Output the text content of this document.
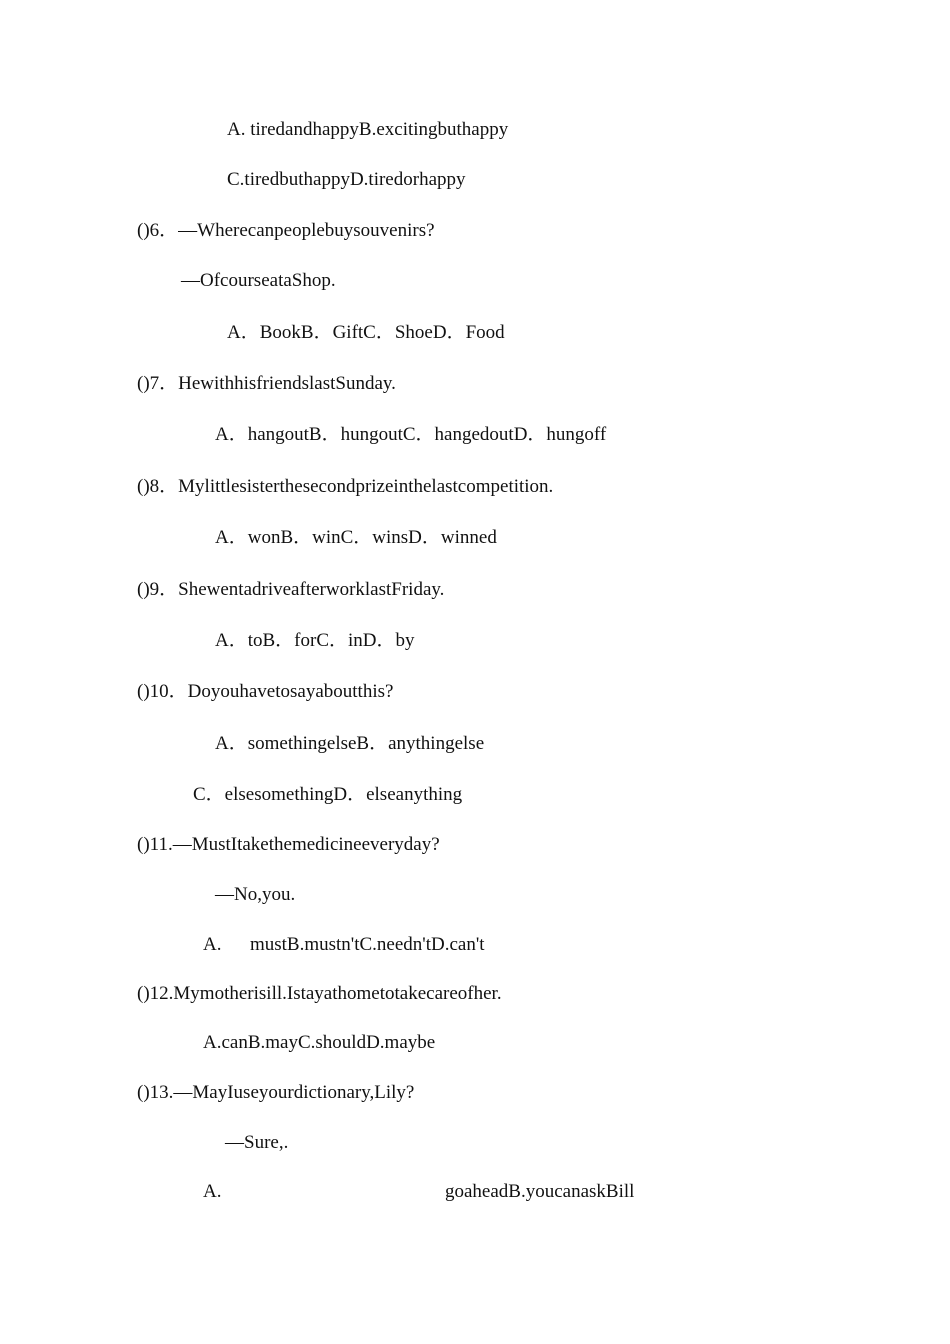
A. tiredandhappyB.excitingbuthappy
C.tiredbuthappyD.tiredorhappy
()6．—Wherecanpeoplebuysouvenirs?
—OfcourseataShop.
A．BookB．GiftC．ShoeD．Food
()7．HewithhisfriendslastSunday.
A．hangoutB．hungoutC．hangedoutD．hungoff
()8．Mylittlesisterthesecondprizeinthelastcompetition.
A．wonB．winC．winsD．winned
()9．ShewentadriveafterworklastFriday.
A．toB．forC．inD．by
()10．Doyouhavetosayaboutthis?
A．somethingelseB．anythingelse
C．elsesomethingD．elseanything
()11.—MustItakethemedicineeveryday?
—No,you.
A.      mustB.mustn'tC.needn'tD.can't
()12.Mymotherisill.Istayathometotakecareofher.
A.canB.mayC.shouldD.maybe
()13.—MayIuseyourdictionary,Lily?
—Sure,.
A.	goaheadB.youcanaskBill
